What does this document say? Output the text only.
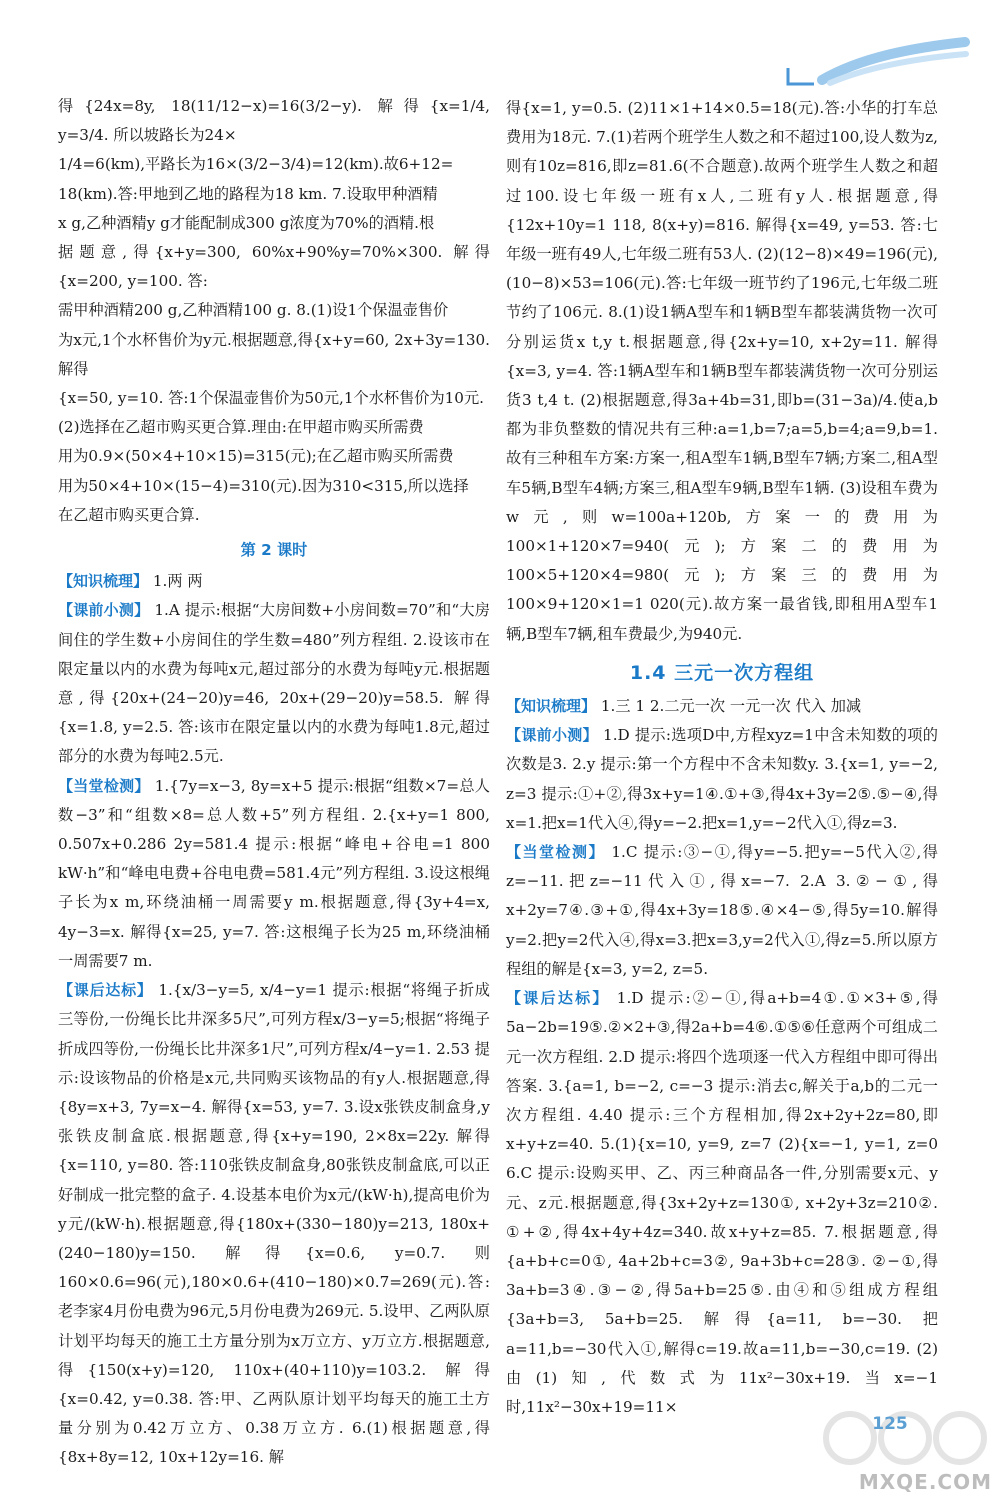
得{24x=8y, 18(11/12−x)=16(3/2−y). 解得{x=1/4, y=3/4. 所以坡路长为24×

1/4=6(km),平路长为16×(3/2−3/4)=12(km).故6+12=

18(km).答:甲地到乙地的路程为18 km. 7.设取甲种酒精

x g,乙种酒精y g才能配制成300 g浓度为70%的酒精.根

据题意,得{x+y=300, 60%x+90%y=70%×300. 解得{x=200, y=100. 答:

需甲种酒精200 g,乙种酒精100 g. 8.(1)设1个保温壶售价

为x元,1个水杯售价为y元.根据题意,得{x+y=60, 2x+3y=130. 解得

{x=50, y=10. 答:1个保温壶售价为50元,1个水杯售价为10元.

(2)选择在乙超市购买更合算.理由:在甲超市购买所需费

用为0.9×(50×4+10×15)=315(元);在乙超市购买所需费

用为50×4+10×(15−4)=310(元).因为310<315,所以选择

在乙超市购买更合算.

第 2 课时

【知识梳理】 1.两 两

【课前小测】 1.A 提示:根据“大房间数+小房间数=70”和“大房间住的学生数+小房间住的学生数=480”列方程组. 2.设该市在限定量以内的水费为每吨x元,超过部分的水费为每吨y元.根据题意,得{20x+(24−20)y=46, 20x+(29−20)y=58.5. 解得{x=1.8, y=2.5. 答:该市在限定量以内的水费为每吨1.8元,超过部分的水费为每吨2.5元.

【当堂检测】 1.{7y=x−3, 8y=x+5 提示:根据“组数×7=总人数−3”和“组数×8=总人数+5”列方程组. 2.{x+y=1 800, 0.507x+0.286 2y=581.4 提示:根据“峰电+谷电=1 800 kW·h”和“峰电电费+谷电电费=581.4元”列方程组. 3.设这根绳子长为x m,环绕油桶一周需要y m.根据题意,得{3y+4=x, 4y−3=x. 解得{x=25, y=7. 答:这根绳子长为25 m,环绕油桶一周需要7 m.

【课后达标】 1.{x/3−y=5, x/4−y=1 提示:根据“将绳子折成三等份,一份绳长比井深多5尺”,可列方程x/3−y=5;根据“将绳子折成四等份,一份绳长比井深多1尺”,可列方程x/4−y=1. 2.53 提示:设该物品的价格是x元,共同购买该物品的有y人.根据题意,得{8y=x+3, 7y=x−4. 解得{x=53, y=7. 3.设x张铁皮制盒身,y张铁皮制盒底.根据题意,得{x+y=190, 2×8x=22y. 解得{x=110, y=80. 答:110张铁皮制盒身,80张铁皮制盒底,可以正好制成一批完整的盒子. 4.设基本电价为x元/(kW·h),提高电价为y元/(kW·h).根据题意,得{180x+(330−180)y=213, 180x+(240−180)y=150. 解得{x=0.6, y=0.7. 则160×0.6=96(元),180×0.6+(410−180)×0.7=269(元).答:老李家4月份电费为96元,5月份电费为269元. 5.设甲、乙两队原计划平均每天的施工土方量分别为x万立方、y万立方.根据题意,得{150(x+y)=120, 110x+(40+110)y=103.2. 解得{x=0.42, y=0.38. 答:甲、乙两队原计划平均每天的施工土方量分别为0.42万立方、0.38万立方. 6.(1)根据题意,得{8x+8y=12, 10x+12y=16. 解

得{x=1, y=0.5. (2)11×1+14×0.5=18(元).答:小华的打车总费用为18元. 7.(1)若两个班学生人数之和不超过100,设人数为z,则有10z=816,即z=81.6(不合题意).故两个班学生人数之和超过100.设七年级一班有x人,二班有y人.根据题意,得{12x+10y=1 118, 8(x+y)=816. 解得{x=49, y=53. 答:七年级一班有49人,七年级二班有53人. (2)(12−8)×49=196(元),(10−8)×53=106(元).答:七年级一班节约了196元,七年级二班节约了106元. 8.(1)设1辆A型车和1辆B型车都装满货物一次可分别运货x t,y t.根据题意,得{2x+y=10, x+2y=11. 解得{x=3, y=4. 答:1辆A型车和1辆B型车都装满货物一次可分别运货3 t,4 t. (2)根据题意,得3a+4b=31,即b=(31−3a)/4.使a,b都为非负整数的情况共有三种:a=1,b=7;a=5,b=4;a=9,b=1.故有三种租车方案:方案一,租A型车1辆,B型车7辆;方案二,租A型车5辆,B型车4辆;方案三,租A型车9辆,B型车1辆. (3)设租车费为w元,则w=100a+120b,方案一的费用为100×1+120×7=940(元);方案二的费用为100×5+120×4=980(元);方案三的费用为100×9+120×1=1 020(元).故方案一最省钱,即租用A型车1辆,B型车7辆,租车费最少,为940元.

1.4 三元一次方程组

【知识梳理】 1.三 1 2.二元一次 一元一次 代入 加减

【课前小测】 1.D 提示:选项D中,方程xyz=1中含未知数的项的次数是3. 2.y 提示:第一个方程中不含未知数y. 3.{x=1, y=−2, z=3 提示:①+②,得3x+y=1④.①+③,得4x+3y=2⑤.⑤−④,得x=1.把x=1代入④,得y=−2.把x=1,y=−2代入①,得z=3.

【当堂检测】 1.C 提示:③−①,得y=−5.把y=−5代入②,得z=−11.把z=−11代入①,得x=−7. 2.A 3.②−①,得x+2y=7④.③+①,得4x+3y=18⑤.④×4−⑤,得5y=10.解得y=2.把y=2代入④,得x=3.把x=3,y=2代入①,得z=5.所以原方程组的解是{x=3, y=2, z=5.

【课后达标】 1.D 提示:②−①,得a+b=4①.①×3+⑤,得5a−2b=19⑤.②×2+③,得2a+b=4⑥.①⑤⑥任意两个可组成二元一次方程组. 2.D 提示:将四个选项逐一代入方程组中即可得出答案. 3.{a=1, b=−2, c=−3 提示:消去c,解关于a,b的二元一次方程组. 4.40 提示:三个方程相加,得2x+2y+2z=80,即x+y+z=40. 5.(1){x=10, y=9, z=7 (2){x=−1, y=1, z=0 6.C 提示:设购买甲、乙、丙三种商品各一件,分别需要x元、y元、z元.根据题意,得{3x+2y+z=130①, x+2y+3z=210②. ①+②,得4x+4y+4z=340.故x+y+z=85. 7.根据题意,得{a+b+c=0①, 4a+2b+c=3②, 9a+3b+c=28③. ②−①,得3a+b=3④.③−②,得5a+b=25⑤.由④和⑤组成方程组{3a+b=3, 5a+b=25. 解得{a=11, b=−30. 把a=11,b=−30代入①,解得c=19.故a=11,b=−30,c=19. (2)由(1)知,代数式为11x²−30x+19.当x=−1时,11x²−30x+19=11×

125
MXQE.COM
